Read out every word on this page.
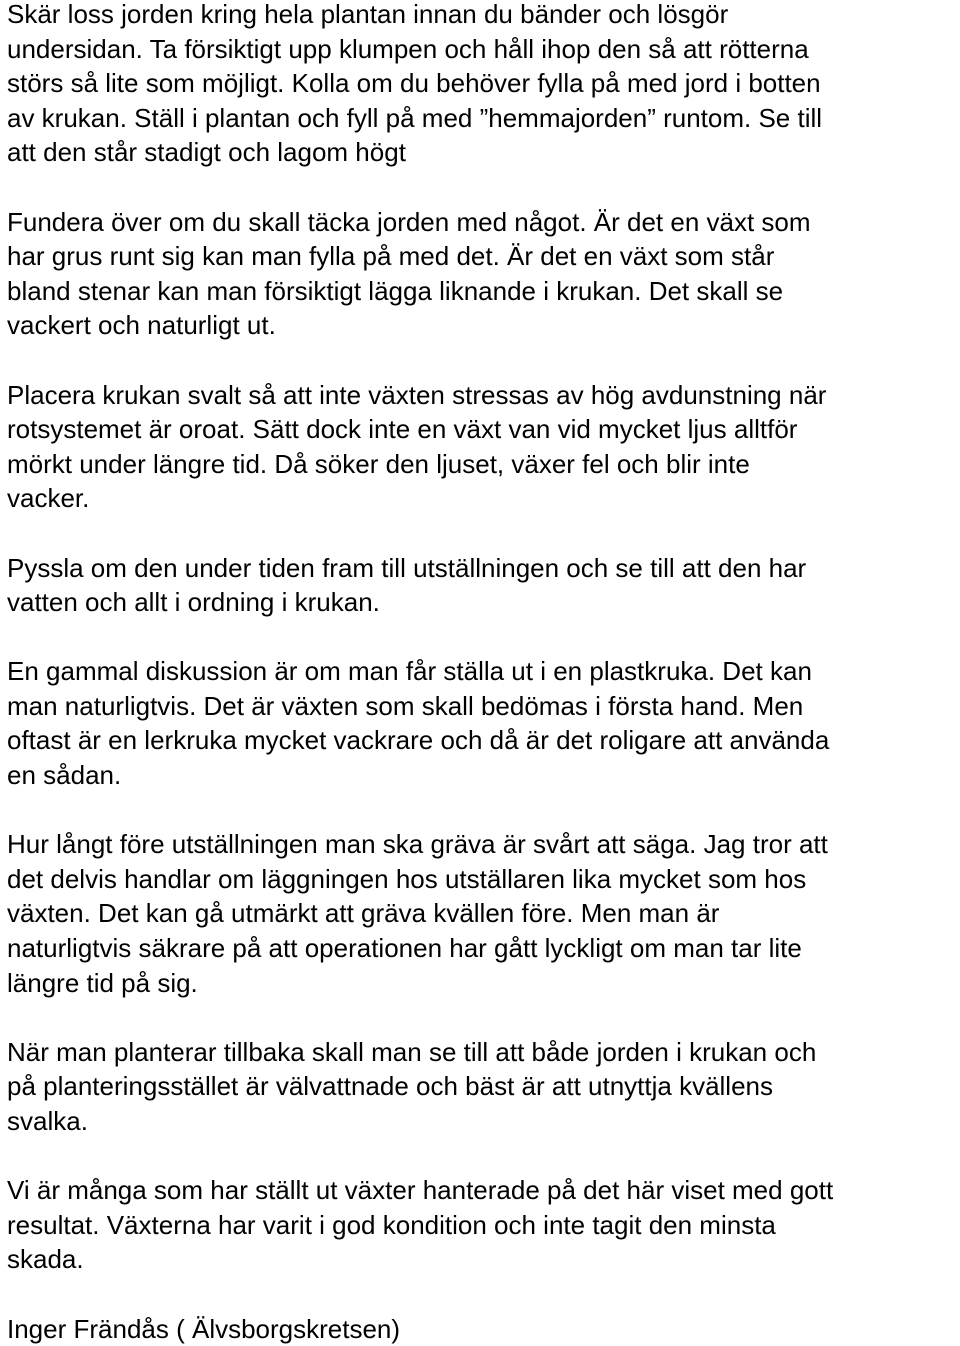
Skär loss jorden kring hela plantan innan du bänder och lösgör
undersidan. Ta försiktigt upp klumpen och håll ihop den så att rötterna
störs så lite som möjligt. Kolla om du behöver fylla på med jord i botten
av krukan. Ställ i plantan och fyll på med ”hemmajorden” runtom. Se till
att den står stadigt och lagom högt
Fundera över om du skall täcka jorden med något. Är det en växt som
har grus runt sig kan man fylla på med det. Är det en växt som står
bland stenar kan man försiktigt lägga liknande i krukan. Det skall se
vackert och naturligt ut.
Placera krukan svalt så att inte växten stressas av hög avdunstning när
rotsystemet är oroat. Sätt dock inte en växt van vid mycket ljus alltför
mörkt under längre tid. Då söker den ljuset, växer fel och blir inte
vacker.
Pyssla om den under tiden fram till utställningen och se till att den har
vatten och allt i ordning i krukan.
En gammal diskussion är om man får ställa ut i en plastkruka. Det kan
man naturligtvis. Det är växten som skall bedömas i första hand. Men
oftast är en lerkruka mycket vackrare och då är det roligare att använda
en sådan.
Hur långt före utställningen man ska gräva är svårt att säga. Jag tror att
det delvis handlar om läggningen hos utställaren lika mycket som hos
växten. Det kan gå utmärkt att gräva kvällen före. Men man är
naturligtvis säkrare på att operationen har gått lyckligt om man tar lite
längre tid på sig.
När man planterar tillbaka skall man se till att både jorden i krukan och
på planteringsstället är välvattnade och bäst är att utnyttja kvällens
svalka.
Vi är många som har ställt ut växter hanterade på det här viset med gott
resultat. Växterna har varit i god kondition och inte tagit den minsta
skada.
Inger Frändås ( Älvsborgskretsen)
